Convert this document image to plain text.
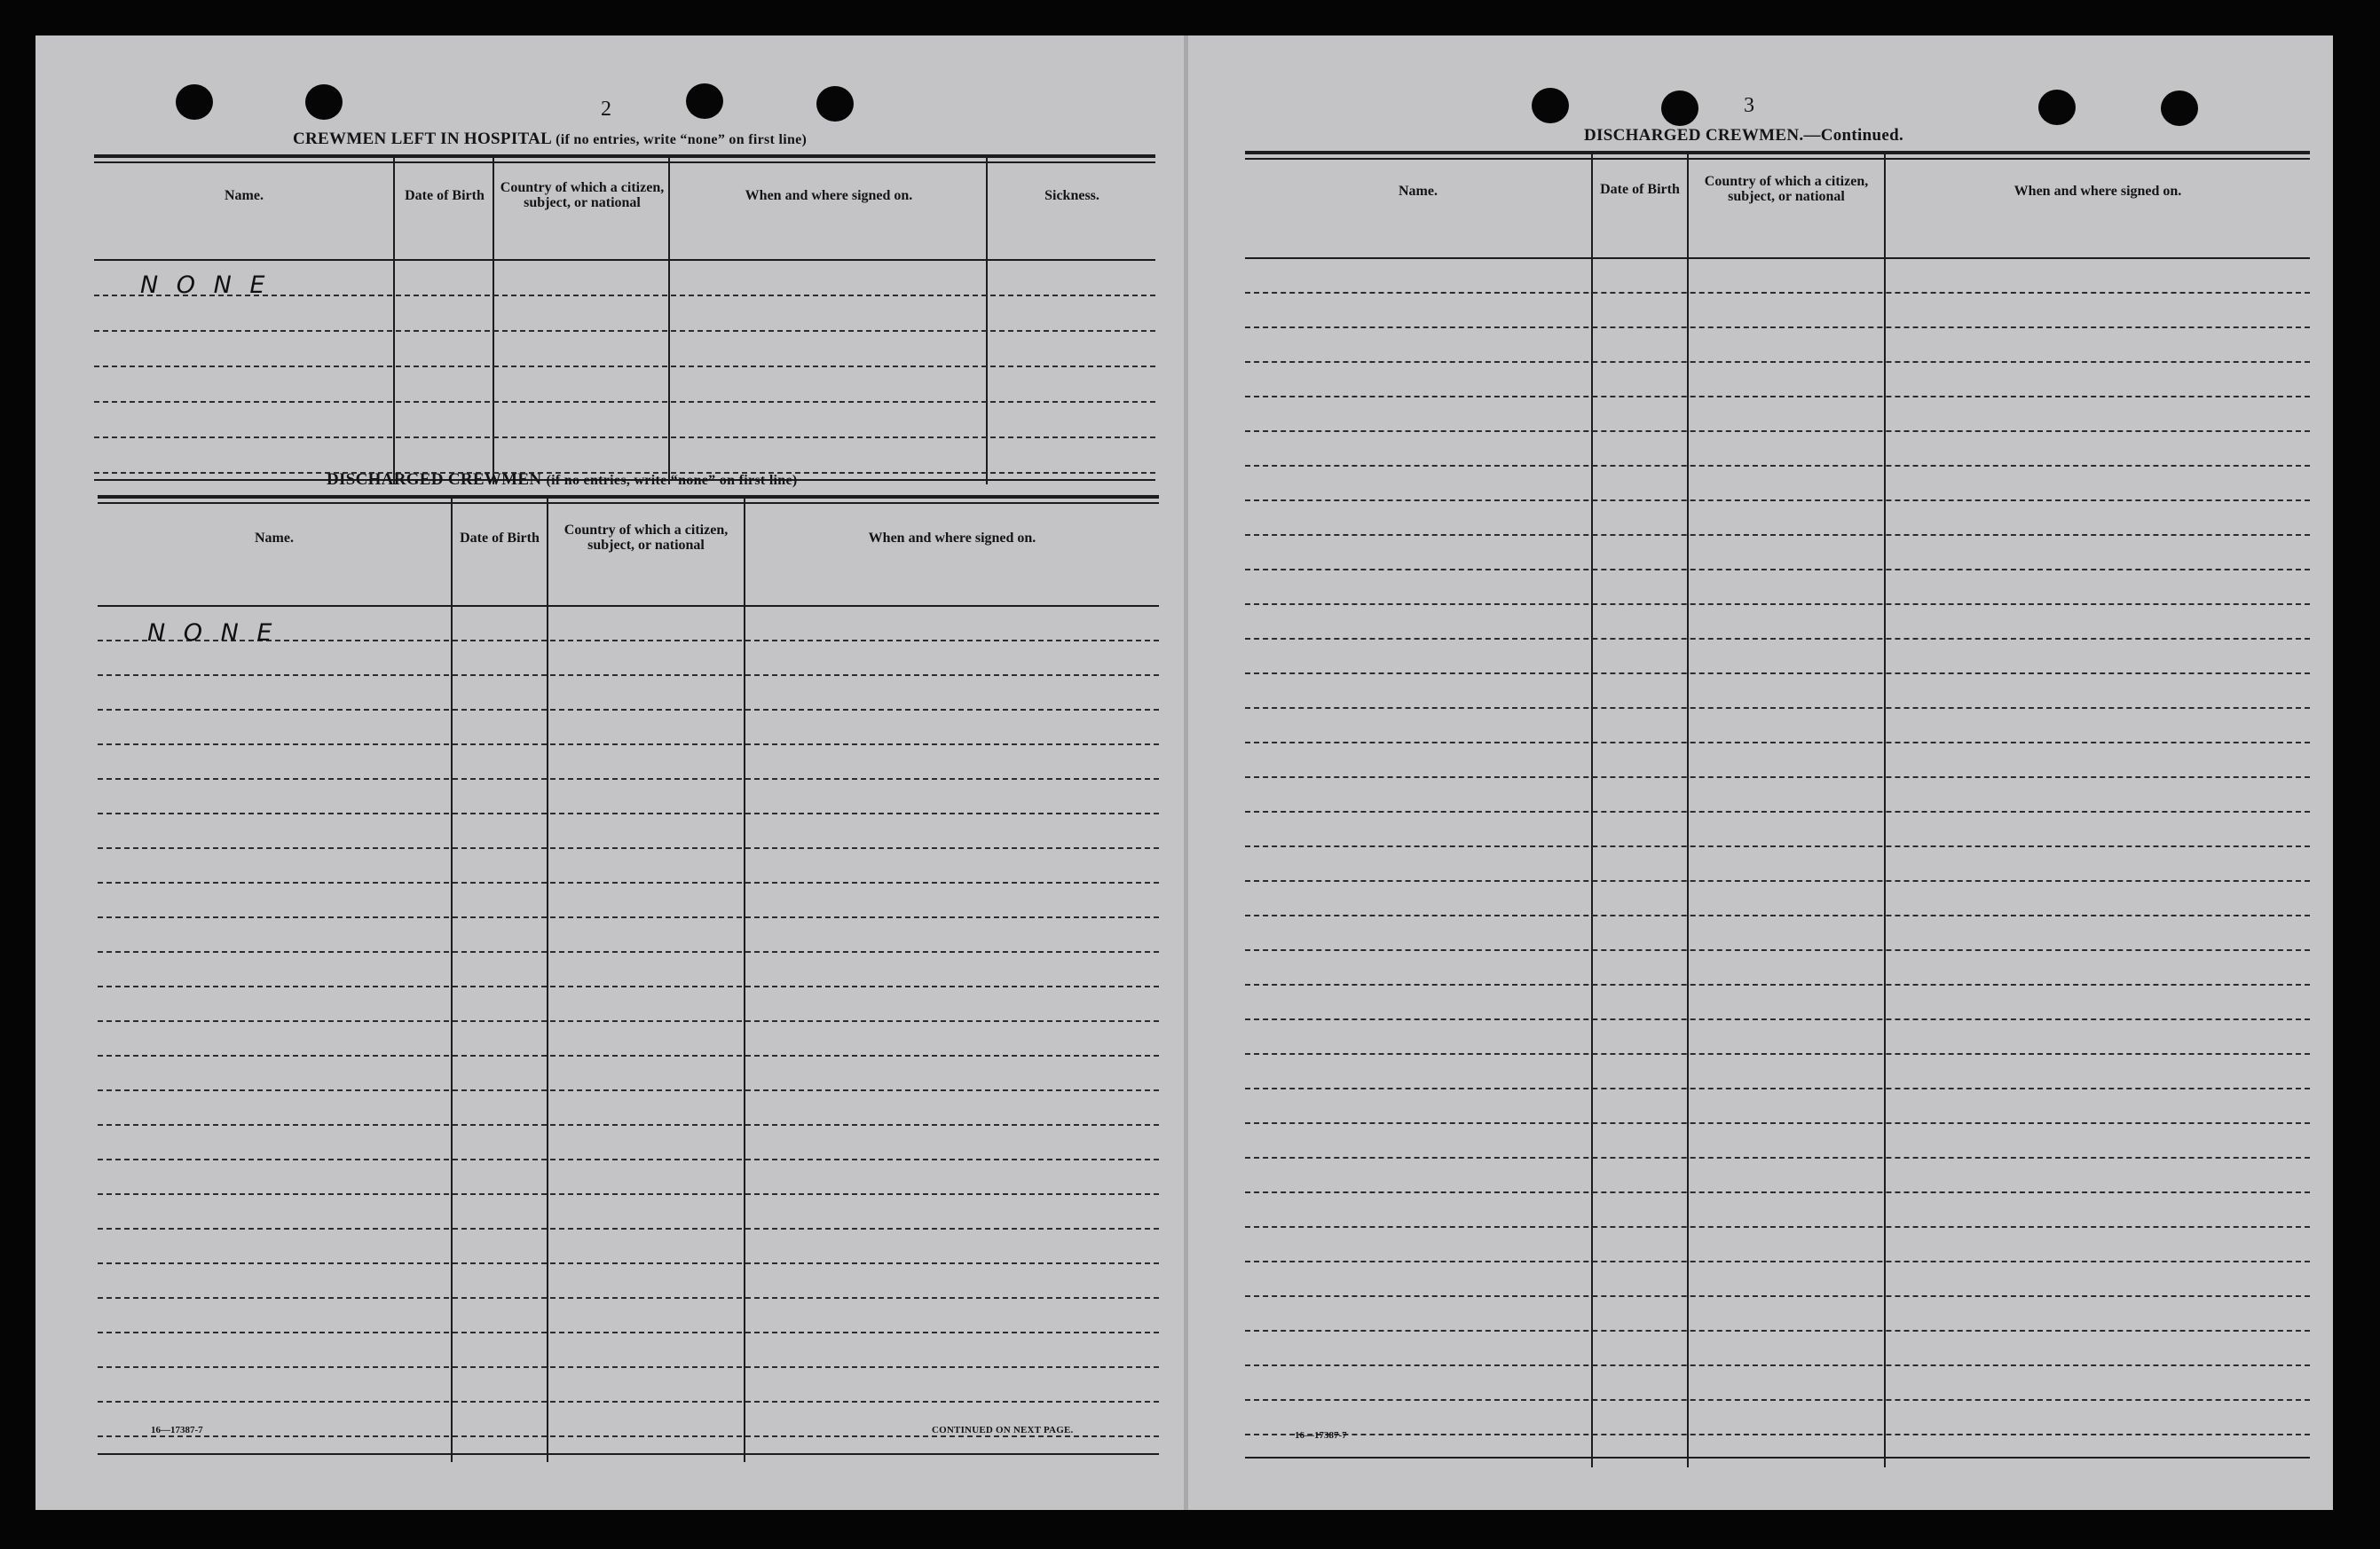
2
CREWMEN LEFT IN HOSPITAL (if no entries, write “none” on first line)
Name.	Date of Birth	Country of which a citizen, subject, or national	When and where signed on.	Sickness.
N O N E
DISCHARGED CREWMEN (if no entries, write “none” on first line)
Name.	Date of Birth	Country of which a citizen, subject, or national	When and where signed on.
N O N E
16—17387-7	CONTINUED ON NEXT PAGE.
3
DISCHARGED CREWMEN.—Continued.
Name.	Date of Birth	Country of which a citizen, subject, or national	When and where signed on.
16—17387-7
